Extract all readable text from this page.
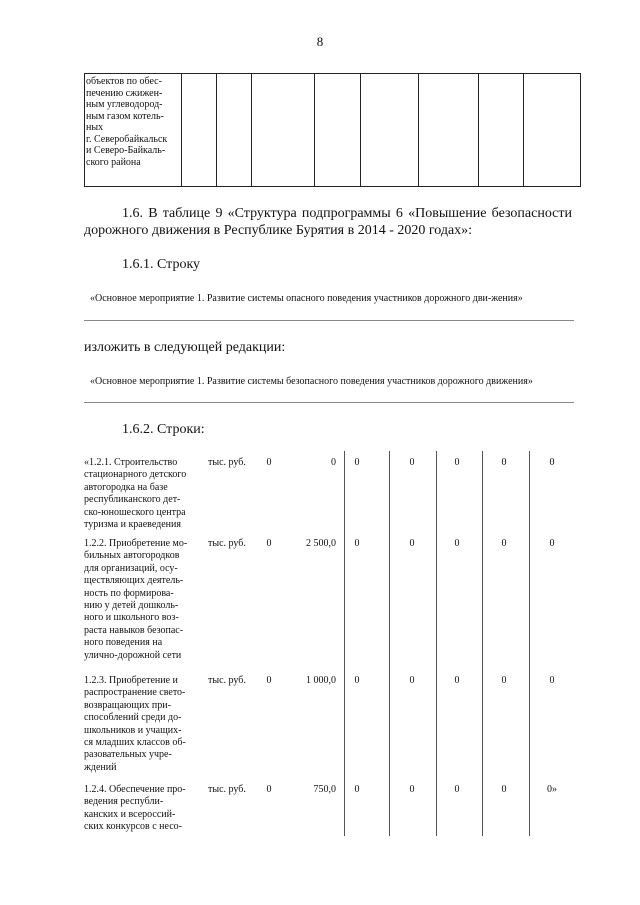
8
объектов по обес-
печению сжижен-
ным углеводород-
ным газом котель-
ных
г. Северобайкальск
и Северо-Байкаль-
ского района

1.6. В таблице 9 «Структура подпрограммы 6 «Повышение безопасности дорожного движения в Республике Бурятия в 2014 - 2020 годах»:
1.6.1. Строку
«Основное мероприятие 1. Развитие системы опасного поведения участников дорожного дви-жения»
изложить в следующей редакции:
«Основное мероприятие 1. Развитие системы безопасного поведения участников дорожного движения»
1.6.2. Строки:
«1.2.1. Строительство
стационарного детского
автогородка на базе
республиканского дет-
ско-юношеского центра
туризма и краеведения
тыс. руб.	0	0	0	0	0	0	0
1.2.2. Приобретение мо-
бильных автогородков
для организаций, осу-
ществляющих деятель-
ность по формирова-
нию у детей дошколь-
ного и школьного воз-
раста навыков безопас-
ного поведения на
улично-дорожной сети
тыс. руб.	0	2 500,0	0	0	0	0	0
1.2.3. Приобретение и
распространение свето-
возвращающих при-
способлений среди до-
школьников и учащих-
ся младших классов об-
разовательных учре-
ждений
тыс. руб.	0	1 000,0	0	0	0	0	0
1.2.4. Обеспечение про-
ведения республи-
канских и всероссий-
ских конкурсов с несо-
тыс. руб.	0	750,0	0	0	0	0	0»
